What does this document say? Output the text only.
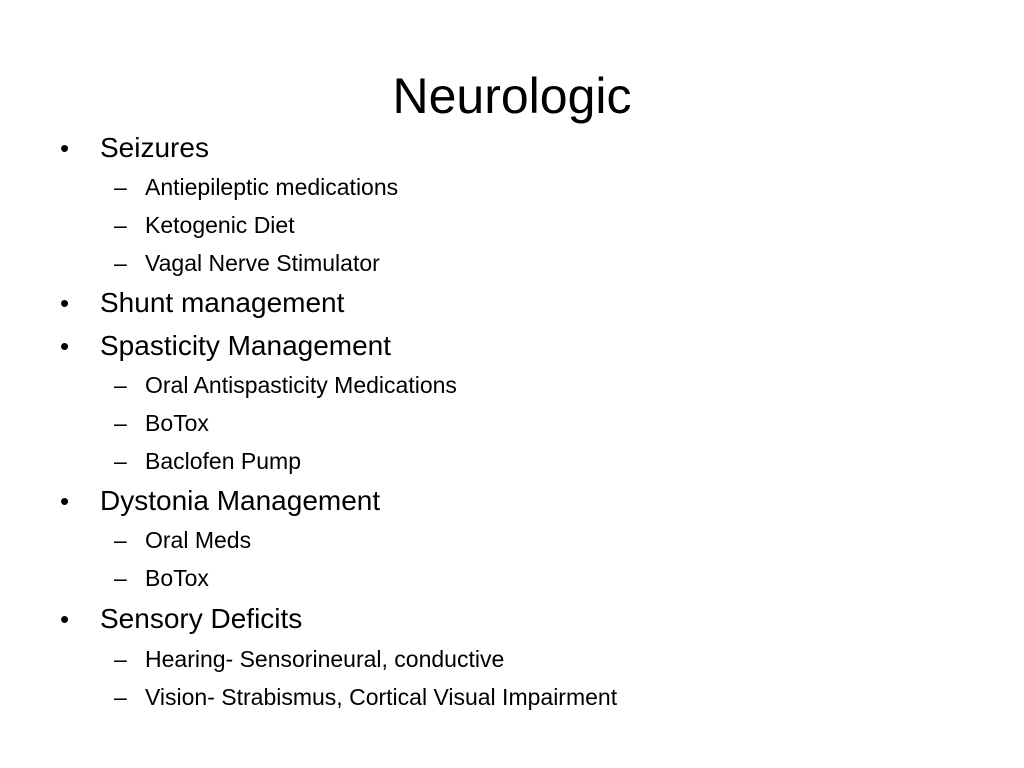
Neurologic
•	Seizures
– Antiepileptic medications
– Ketogenic Diet
– Vagal Nerve Stimulator
•	Shunt management
•	Spasticity Management
– Oral Antispasticity Medications
– BoTox
– Baclofen Pump
•	Dystonia Management
– Oral Meds
– BoTox
•	Sensory Deficits
– Hearing- Sensorineural, conductive
– Vision- Strabismus, Cortical Visual Impairment
